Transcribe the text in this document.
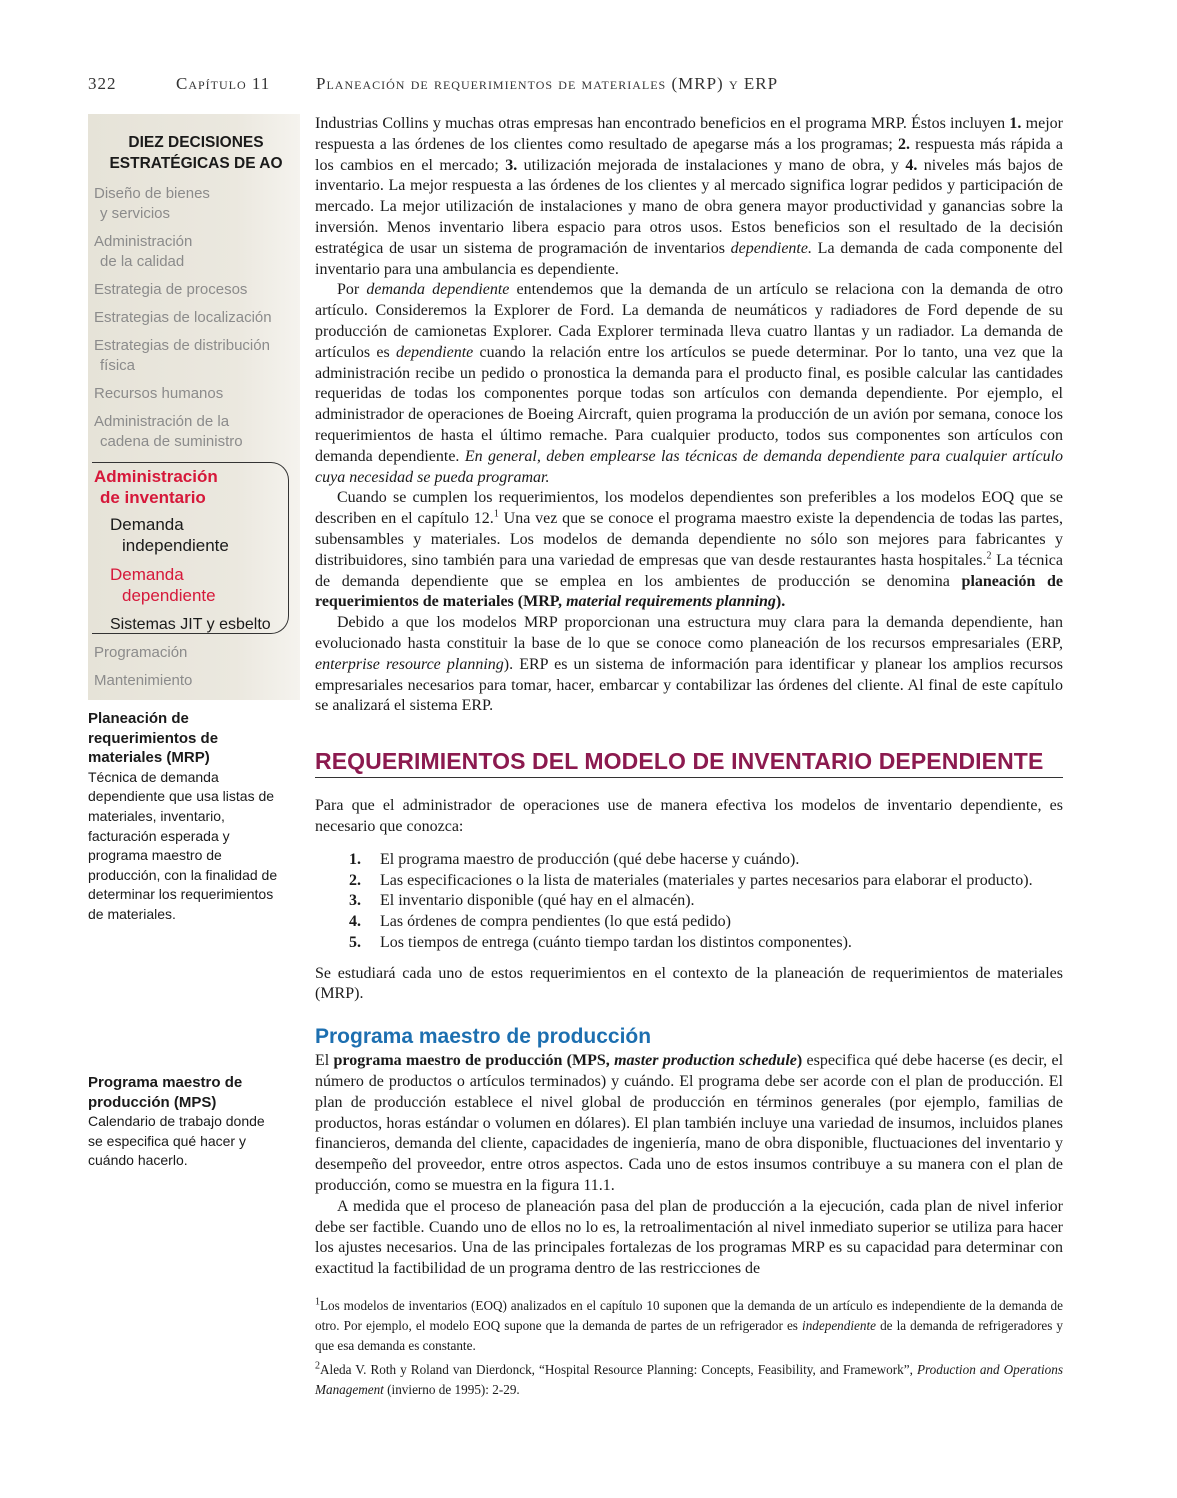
322	Capítulo 11	Planeación de requerimientos de materiales (MRP) y ERP
DIEZ DECISIONES
ESTRATÉGICAS DE AO
Diseño de bienes
y servicios
Administración
de la calidad
Estrategia de procesos
Estrategias de localización
Estrategias de distribución
física
Recursos humanos
Administración de la
cadena de suministro
Administración
de inventario
Demanda
independiente
Demanda
dependiente
Sistemas JIT y esbelto
Programación
Mantenimiento
Planeación de requerimientos de materiales (MRP)
Técnica de demanda dependiente que usa listas de materiales, inventario, facturación esperada y programa maestro de producción, con la finalidad de determinar los requerimientos de materiales.
Programa maestro de producción (MPS)
Calendario de trabajo donde se especifica qué hacer y cuándo hacerlo.

Industrias Collins y muchas otras empresas han encontrado beneficios en el programa MRP. Éstos incluyen 1. mejor respuesta a las órdenes de los clientes como resultado de apegarse más a los programas; 2. respuesta más rápida a los cambios en el mercado; 3. utilización mejorada de instalaciones y mano de obra, y 4. niveles más bajos de inventario. La mejor respuesta a las órdenes de los clientes y al mercado significa lograr pedidos y participación de mercado. La mejor utilización de instalaciones y mano de obra genera mayor productividad y ganancias sobre la inversión. Menos inventario libera espacio para otros usos. Estos beneficios son el resultado de la decisión estratégica de usar un sistema de programación de inventarios dependiente. La demanda de cada componente del inventario para una ambulancia es dependiente.

Por demanda dependiente entendemos que la demanda de un artículo se relaciona con la demanda de otro artículo. Consideremos la Explorer de Ford. La demanda de neumáticos y radiadores de Ford depende de su producción de camionetas Explorer. Cada Explorer terminada lleva cuatro llantas y un radiador. La demanda de artículos es dependiente cuando la relación entre los artículos se puede determinar. Por lo tanto, una vez que la administración recibe un pedido o pronostica la demanda para el producto final, es posible calcular las cantidades requeridas de todas los componentes porque todas son artículos con demanda dependiente. Por ejemplo, el administrador de operaciones de Boeing Aircraft, quien programa la producción de un avión por semana, conoce los requerimientos de hasta el último remache. Para cualquier producto, todos sus componentes son artículos con demanda dependiente. En general, deben emplearse las técnicas de demanda dependiente para cualquier artículo cuya necesidad se pueda programar.

Cuando se cumplen los requerimientos, los modelos dependientes son preferibles a los modelos EOQ que se describen en el capítulo 12.$^1$ Una vez que se conoce el programa maestro existe la dependencia de todas las partes, subensambles y materiales. Los modelos de demanda dependiente no sólo son mejores para fabricantes y distribuidores, sino también para una variedad de empresas que van desde restaurantes hasta hospitales.$^2$ La técnica de demanda dependiente que se emplea en los ambientes de producción se denomina planeación de requerimientos de materiales (MRP, material requirements planning).

Debido a que los modelos MRP proporcionan una estructura muy clara para la demanda dependiente, han evolucionado hasta constituir la base de lo que se conoce como planeación de los recursos empresariales (ERP, enterprise resource planning). ERP es un sistema de información para identificar y planear los amplios recursos empresariales necesarios para tomar, hacer, embarcar y contabilizar las órdenes del cliente. Al final de este capítulo se analizará el sistema ERP.

REQUERIMIENTOS DEL MODELO DE INVENTARIO DEPENDIENTE

Para que el administrador de operaciones use de manera efectiva los modelos de inventario dependiente, es necesario que conozca:

1.	El programa maestro de producción (qué debe hacerse y cuándo).
2.	Las especificaciones o la lista de materiales (materiales y partes necesarios para elaborar el producto).
3.	El inventario disponible (qué hay en el almacén).
4.	Las órdenes de compra pendientes (lo que está pedido)
5.	Los tiempos de entrega (cuánto tiempo tardan los distintos componentes).

Se estudiará cada uno de estos requerimientos en el contexto de la planeación de requerimientos de materiales (MRP).

Programa maestro de producción

El programa maestro de producción (MPS, master production schedule) especifica qué debe hacerse (es decir, el número de productos o artículos terminados) y cuándo. El programa debe ser acorde con el plan de producción. El plan de producción establece el nivel global de producción en términos generales (por ejemplo, familias de productos, horas estándar o volumen en dólares). El plan también incluye una variedad de insumos, incluidos planes financieros, demanda del cliente, capacidades de ingeniería, mano de obra disponible, fluctuaciones del inventario y desempeño del proveedor, entre otros aspectos. Cada uno de estos insumos contribuye a su manera con el plan de producción, como se muestra en la figura 11.1.

A medida que el proceso de planeación pasa del plan de producción a la ejecución, cada plan de nivel inferior debe ser factible. Cuando uno de ellos no lo es, la retroalimentación al nivel inmediato superior se utiliza para hacer los ajustes necesarios. Una de las principales fortalezas de los programas MRP es su capacidad para determinar con exactitud la factibilidad de un programa dentro de las restricciones de

$^1$Los modelos de inventarios (EOQ) analizados en el capítulo 10 suponen que la demanda de un artículo es independiente de la demanda de otro. Por ejemplo, el modelo EOQ supone que la demanda de partes de un refrigerador es independiente de la demanda de refrigeradores y que esa demanda es constante.

$^2$Aleda V. Roth y Roland van Dierdonck, “Hospital Resource Planning: Concepts, Feasibility, and Framework”, Production and Operations Management (invierno de 1995): 2-29.
